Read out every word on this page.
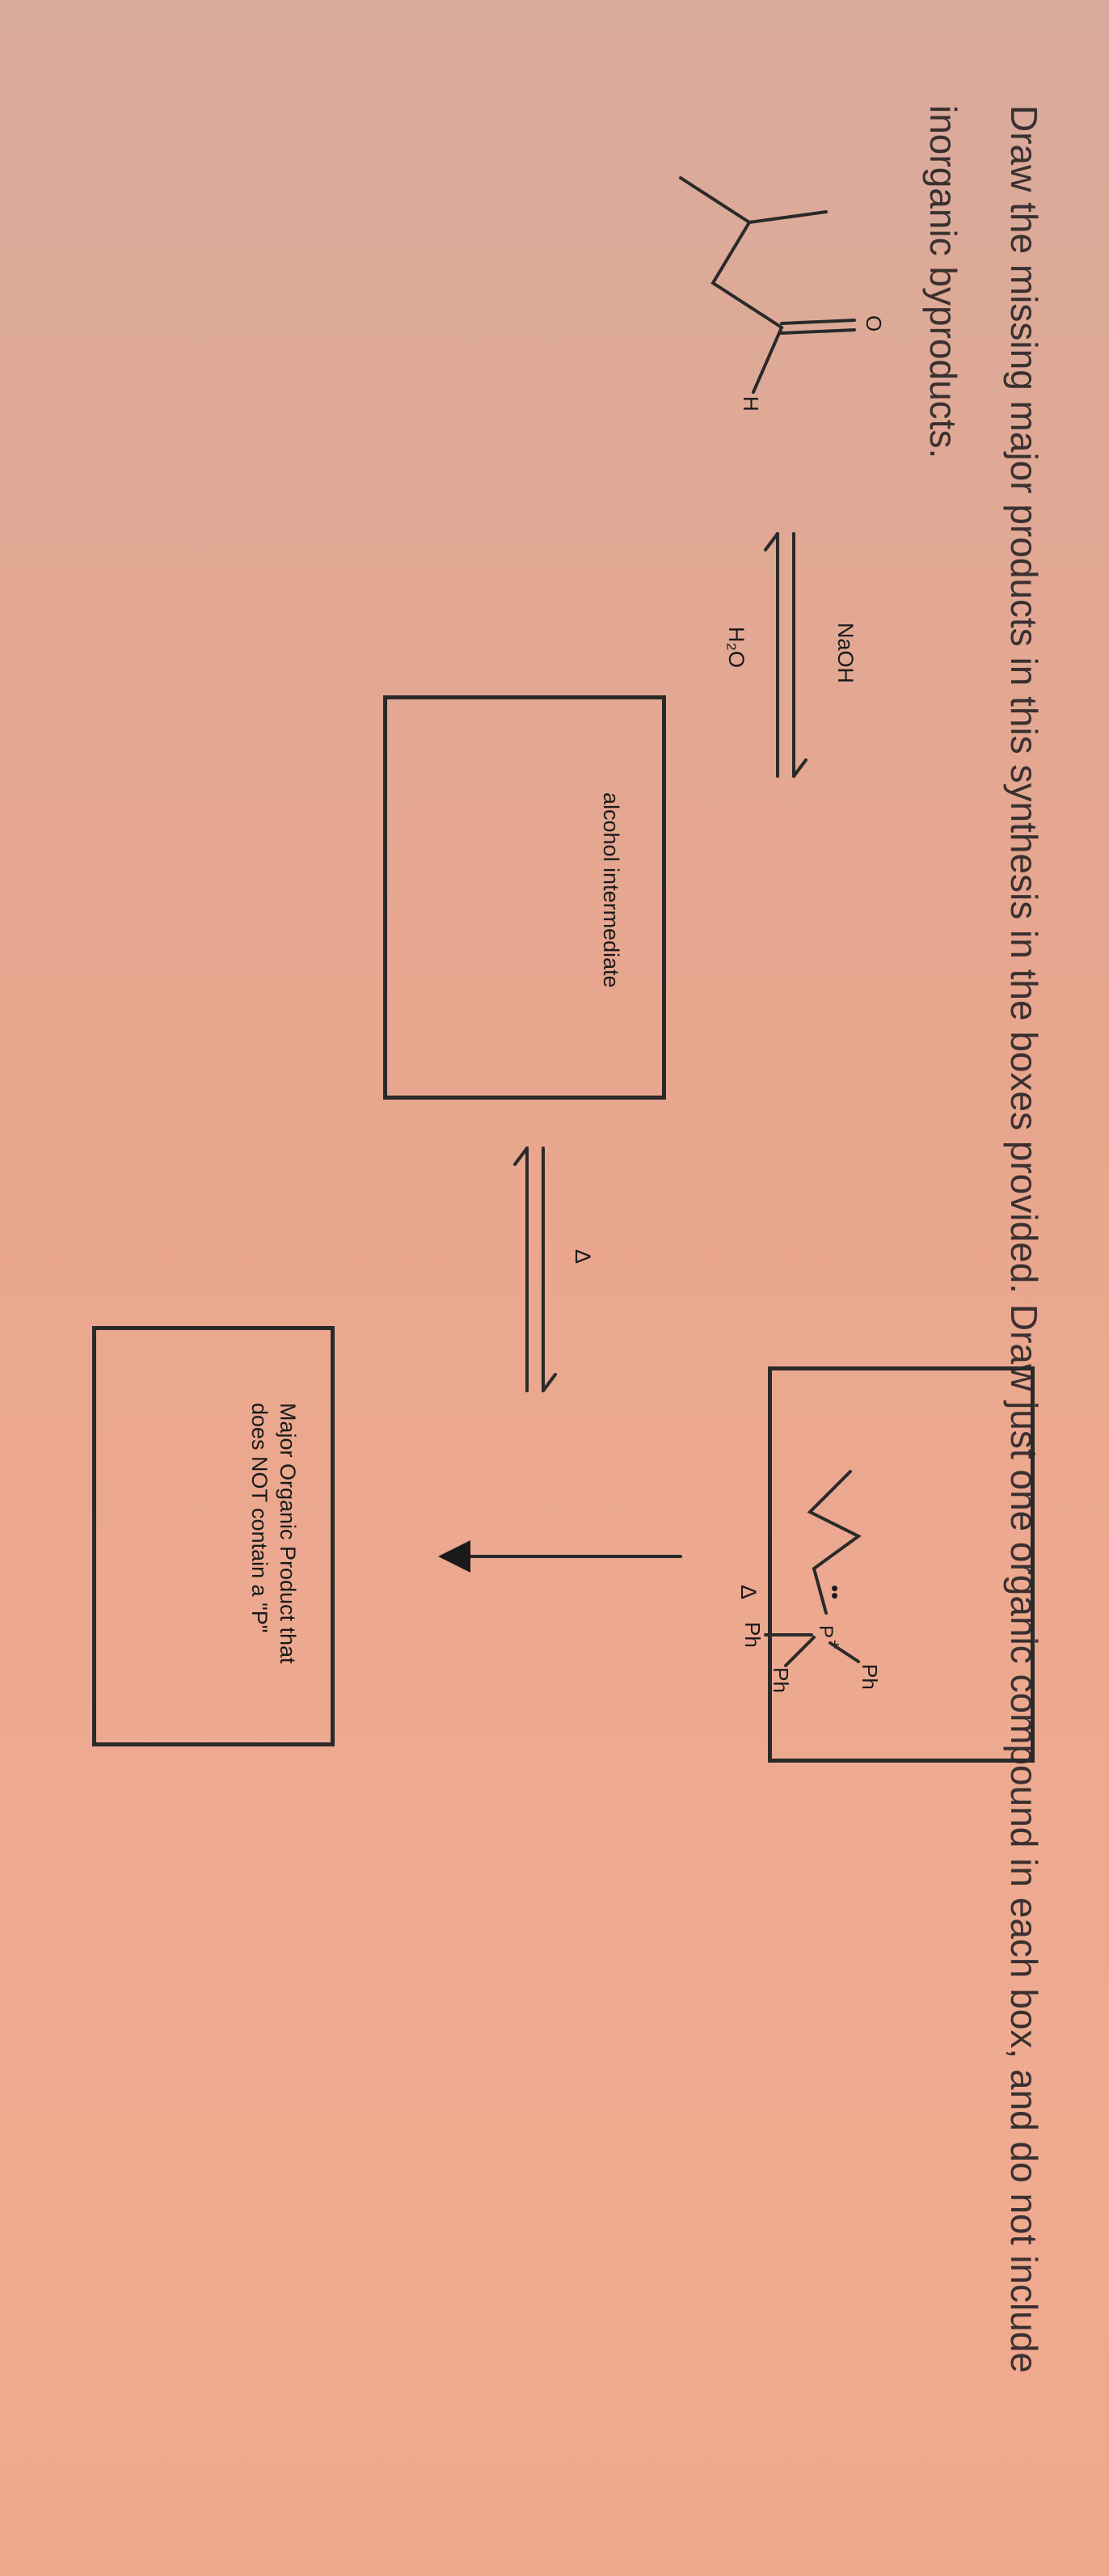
Draw the missing major products in this synthesis in the boxes provided. Draw just one organic compound in each box, and do not include inorganic byproducts.
O
H
NaOH
H₂O
alcohol intermediate
Δ
Major Organic Product that
does NOT contain a "P"	Δ	••
P
+
Ph
Ph
Ph
